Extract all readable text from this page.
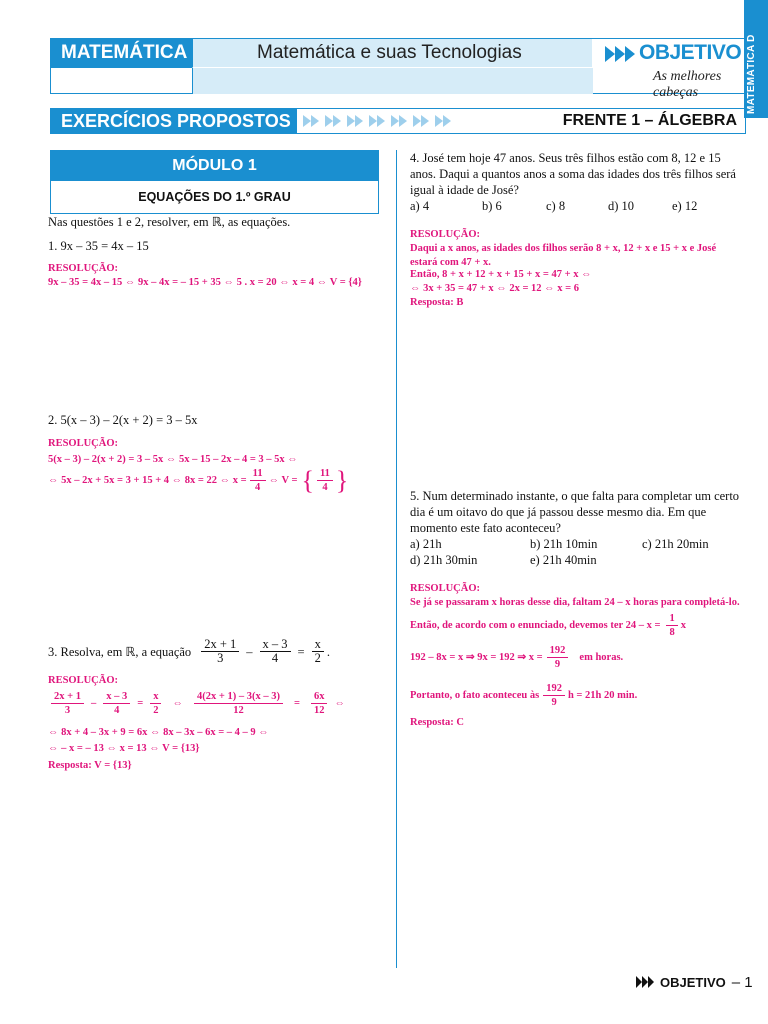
MATEMÁTICA D
MATEMÁTICA	Matemática e suas Tecnologias	OBJETIVO
As melhores cabeças
EXERCÍCIOS PROPOSTOS	FRENTE 1 – ÁLGEBRA
MÓDULO 1
EQUAÇÕES DO 1.º GRAU
Nas questões 1 e 2, resolver, em ℝ, as equações.
1. 9x – 35 = 4x – 15
RESOLUÇÃO:
9x – 35 = 4x – 15 ⇔ 9x – 4x = – 15 + 35 ⇔ 5 . x = 20 ⇔ x = 4 ⇔ V = {4}
2. 5(x – 3) – 2(x + 2) = 3 – 5x
RESOLUÇÃO:
5(x – 3) – 2(x + 2) = 3 – 5x ⇔ 5x – 15 – 2x – 4 = 3 – 5x ⇔
⇔ 5x – 2x + 5x = 3 + 15 + 4 ⇔ 8x = 22 ⇔ $x = \frac{11}{4}$ ⇔ V = { $\frac{11}{4}$ }
3. Resolva, em ℝ, a equação $\frac{2x + 1}{3} - \frac{x - 3}{4} = \frac{x}{2}$ .
RESOLUÇÃO:
$\frac{2x + 1}{3} - \frac{x - 3}{4} = \frac{x}{2}$ ⇔ $\frac{4(2x + 1) - 3(x - 3)}{12} = \frac{6x}{12}$ ⇔
⇔ 8x + 4 – 3x + 9 = 6x ⇔ 8x – 3x – 6x = – 4 – 9 ⇔
⇔ – x = – 13 ⇔ x = 13 ⇔ V = {13}
Resposta: V = {13}
4. José tem hoje 47 anos. Seus três filhos estão com 8, 12 e 15 anos. Daqui a quantos anos a soma das idades dos três filhos será igual à idade de José?
a) 4	b) 6	c) 8	d) 10	e) 12
RESOLUÇÃO:
Daqui a x anos, as idades dos filhos serão 8 + x, 12 + x e 15 + x e José estará com 47 + x.
Então, 8 + x + 12 + x + 15 + x = 47 + x ⇔
⇔ 3x + 35 = 47 + x ⇔ 2x = 12 ⇔ x = 6
Resposta: B
5. Num determinado instante, o que falta para completar um certo dia é um oitavo do que já passou desse mesmo dia. Em que momento este fato aconteceu?
a) 21h	b) 21h 10min	c) 21h 20min
d) 21h 30min	e) 21h 40min
RESOLUÇÃO:
Se já se passaram x horas desse dia, faltam 24 – x horas para completá-lo.
Então, de acordo com o enunciado, devemos ter $24 - x = \frac{1}{8}$ x
192 – 8x = x ⇒ 9x = 192 ⇒ $x = \frac{192}{9}$ em horas.
Portanto, o fato aconteceu às $\frac{192}{9}$ h = 21h 20 min.
Resposta: C
OBJETIVO – 1
